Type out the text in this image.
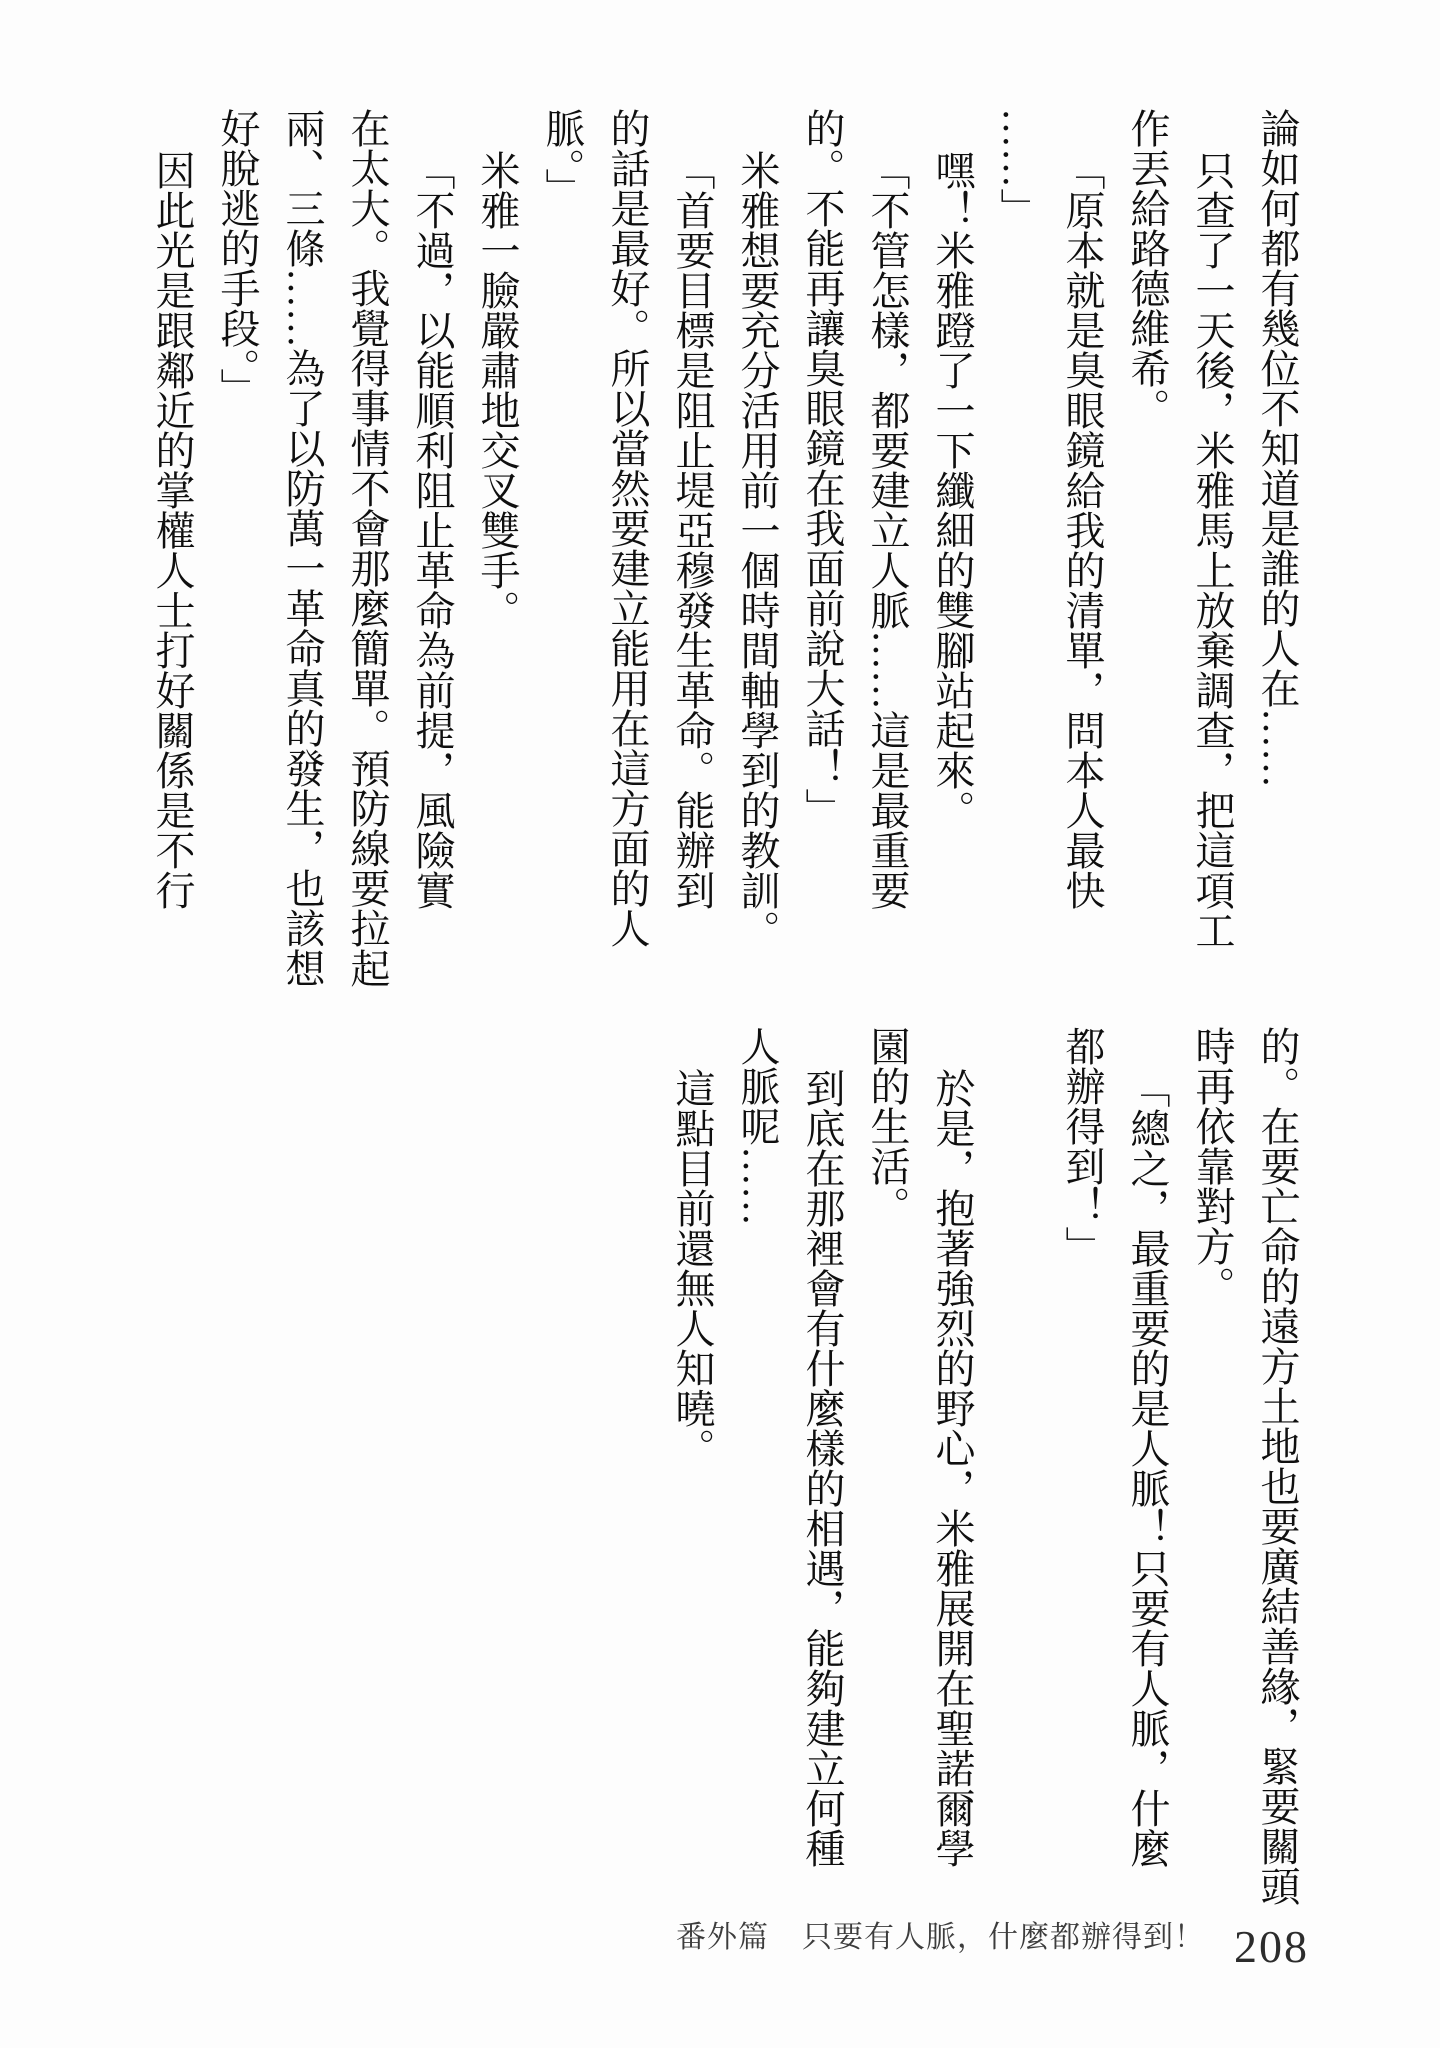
論如何都有幾位不知道是誰的人在……

只查了一天後，米雅馬上放棄調查，把這項工

作丟給路德維希。

「原本就是臭眼鏡給我的清單，問本人最快

……」

嘿！米雅蹬了一下纖細的雙腳站起來。

「不管怎樣，都要建立人脈……這是最重要

的。不能再讓臭眼鏡在我面前說大話！」

米雅想要充分活用前一個時間軸學到的教訓。

「首要目標是阻止堤亞穆發生革命。能辦到

的話是最好。所以當然要建立能用在這方面的人

脈。」

米雅一臉嚴肅地交叉雙手。

「不過，以能順利阻止革命為前提，風險實

在太大。我覺得事情不會那麼簡單。預防線要拉起

兩、三條……為了以防萬一革命真的發生，也該想

好脫逃的手段。」

因此光是跟鄰近的掌權人士打好關係是不行

的。在要亡命的遠方土地也要廣結善緣，緊要關頭

時再依靠對方。

「總之，最重要的是人脈！只要有人脈，什麼

都辦得到！」

於是，抱著強烈的野心，米雅展開在聖諾爾學

園的生活。

到底在那裡會有什麼樣的相遇，能夠建立何種

人脈呢……

這點目前還無人知曉。

番外篇 只要有人脈，什麼都辦得到！ 208
